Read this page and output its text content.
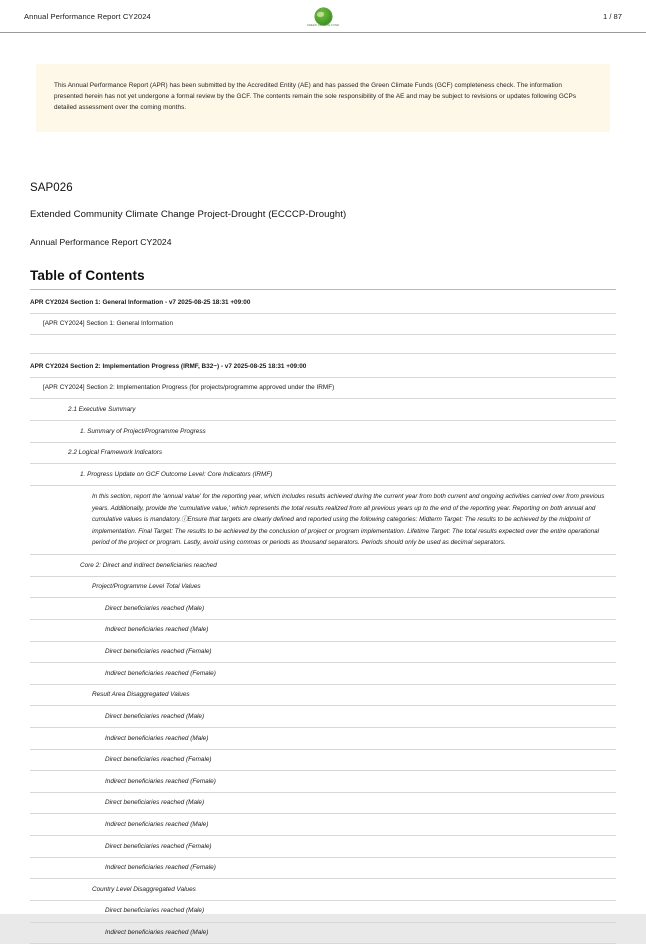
Annual Performance Report CY2024
GREEN CLIMATE FUND
1 / 87

This Annual Performance Report (APR) has been submitted by the Accredited Entity (AE) and has passed the Green Climate Funds (GCF) completeness check. The information presented herein has not yet undergone a formal review by the GCF. The contents remain the sole responsibility of the AE and may be subject to revisions or updates following GCPs detailed assessment over the coming months.

SAP026
Extended Community Climate Change Project-Drought (ECCCP-Drought)
Annual Performance Report CY2024
Table of Contents
APR CY2024 Section 1: General Information - v7 2025-08-25 18:31 +09:00
[APR CY2024] Section 1: General Information
APR CY2024 Section 2: Implementation Progress (IRMF, B32~) - v7 2025-08-25 18:31 +09:00
[APR CY2024] Section 2: Implementation Progress (for projects/programme approved under the IRMF)
2.1 Executive Summary
1. Summary of Project/Programme Progress
2.2 Logical Framework Indicators
1. Progress Update on GCF Outcome Level: Core Indicators (IRMF)
In this section, report the 'annual value' for the reporting year, which includes results achieved during the current year from both current and ongoing activities carried over from previous years. Additionally, provide the 'cumulative value,' which represents the total results realized from all previous years up to the end of the reporting year. Reporting on both annual and cumulative values is mandatory.ⓘEnsure that targets are clearly defined and reported using the following categories: Midterm Target: The results to be achieved by the midpoint of implementation. Final Target: The results to be achieved by the conclusion of project or program implementation. Lifetime Target: The total results expected over the entire operational period of the project or program. Lastly, avoid using commas or periods as thousand separators. Periods should only be used as decimal separators.
Core 2: Direct and indirect beneficiaries reached
Project/Programme Level Total Values
Direct beneficiaries reached (Male)
Indirect beneficiaries reached (Male)
Direct beneficiaries reached (Female)
Indirect beneficiaries reached (Female)
Result Area Disaggregated Values
Direct beneficiaries reached (Male)
Indirect beneficiaries reached (Male)
Direct beneficiaries reached (Female)
Indirect beneficiaries reached (Female)
Direct beneficiaries reached (Male)
Indirect beneficiaries reached (Male)
Direct beneficiaries reached (Female)
Indirect beneficiaries reached (Female)
Country Level Disaggregated Values
Direct beneficiaries reached (Male)
Indirect beneficiaries reached (Male)
